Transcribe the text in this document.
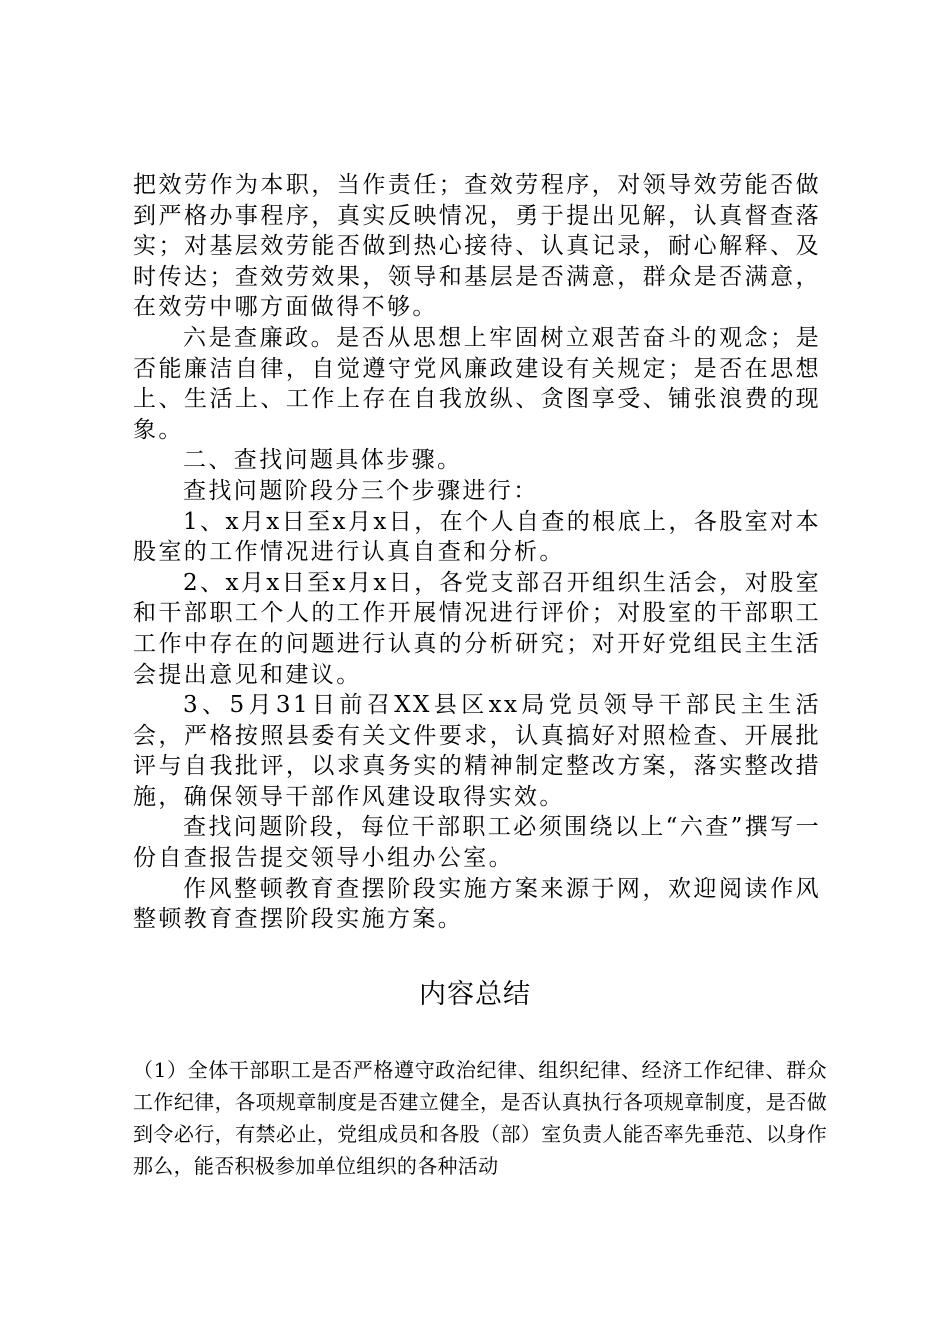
把效劳作为本职，当作责任；查效劳程序，对领导效劳能否做到严格办事程序，真实反映情况，勇于提出见解，认真督查落实；对基层效劳能否做到热心接待、认真记录，耐心解释、及时传达；查效劳效果，领导和基层是否满意，群众是否满意，在效劳中哪方面做得不够。

六是查廉政。是否从思想上牢固树立艰苦奋斗的观念；是否能廉洁自律，自觉遵守党风廉政建设有关规定；是否在思想上、生活上、工作上存在自我放纵、贪图享受、铺张浪费的现象。

二、查找问题具体步骤。

查找问题阶段分三个步骤进行：

1、x月x日至x月x日，在个人自查的根底上，各股室对本股室的工作情况进行认真自查和分析。

2、x月x日至x月x日，各党支部召开组织生活会，对股室和干部职工个人的工作开展情况进行评价；对股室的干部职工工作中存在的问题进行认真的分析研究；对开好党组民主生活会提出意见和建议。

3、5月31日前召XX县区xx局党员领导干部民主生活会，严格按照县委有关文件要求，认真搞好对照检查、开展批评与自我批评，以求真务实的精神制定整改方案，落实整改措施，确保领导干部作风建设取得实效。

查找问题阶段，每位干部职工必须围绕以上“六查”撰写一份自查报告提交领导小组办公室。

作风整顿教育查摆阶段实施方案来源于网，欢迎阅读作风整顿教育查摆阶段实施方案。

内容总结

（1）全体干部职工是否严格遵守政治纪律、组织纪律、经济工作纪律、群众工作纪律，各项规章制度是否建立健全，是否认真执行各项规章制度，是否做到令必行，有禁必止，党组成员和各股（部）室负责人能否率先垂范、以身作那么，能否积极参加单位组织的各种活动
